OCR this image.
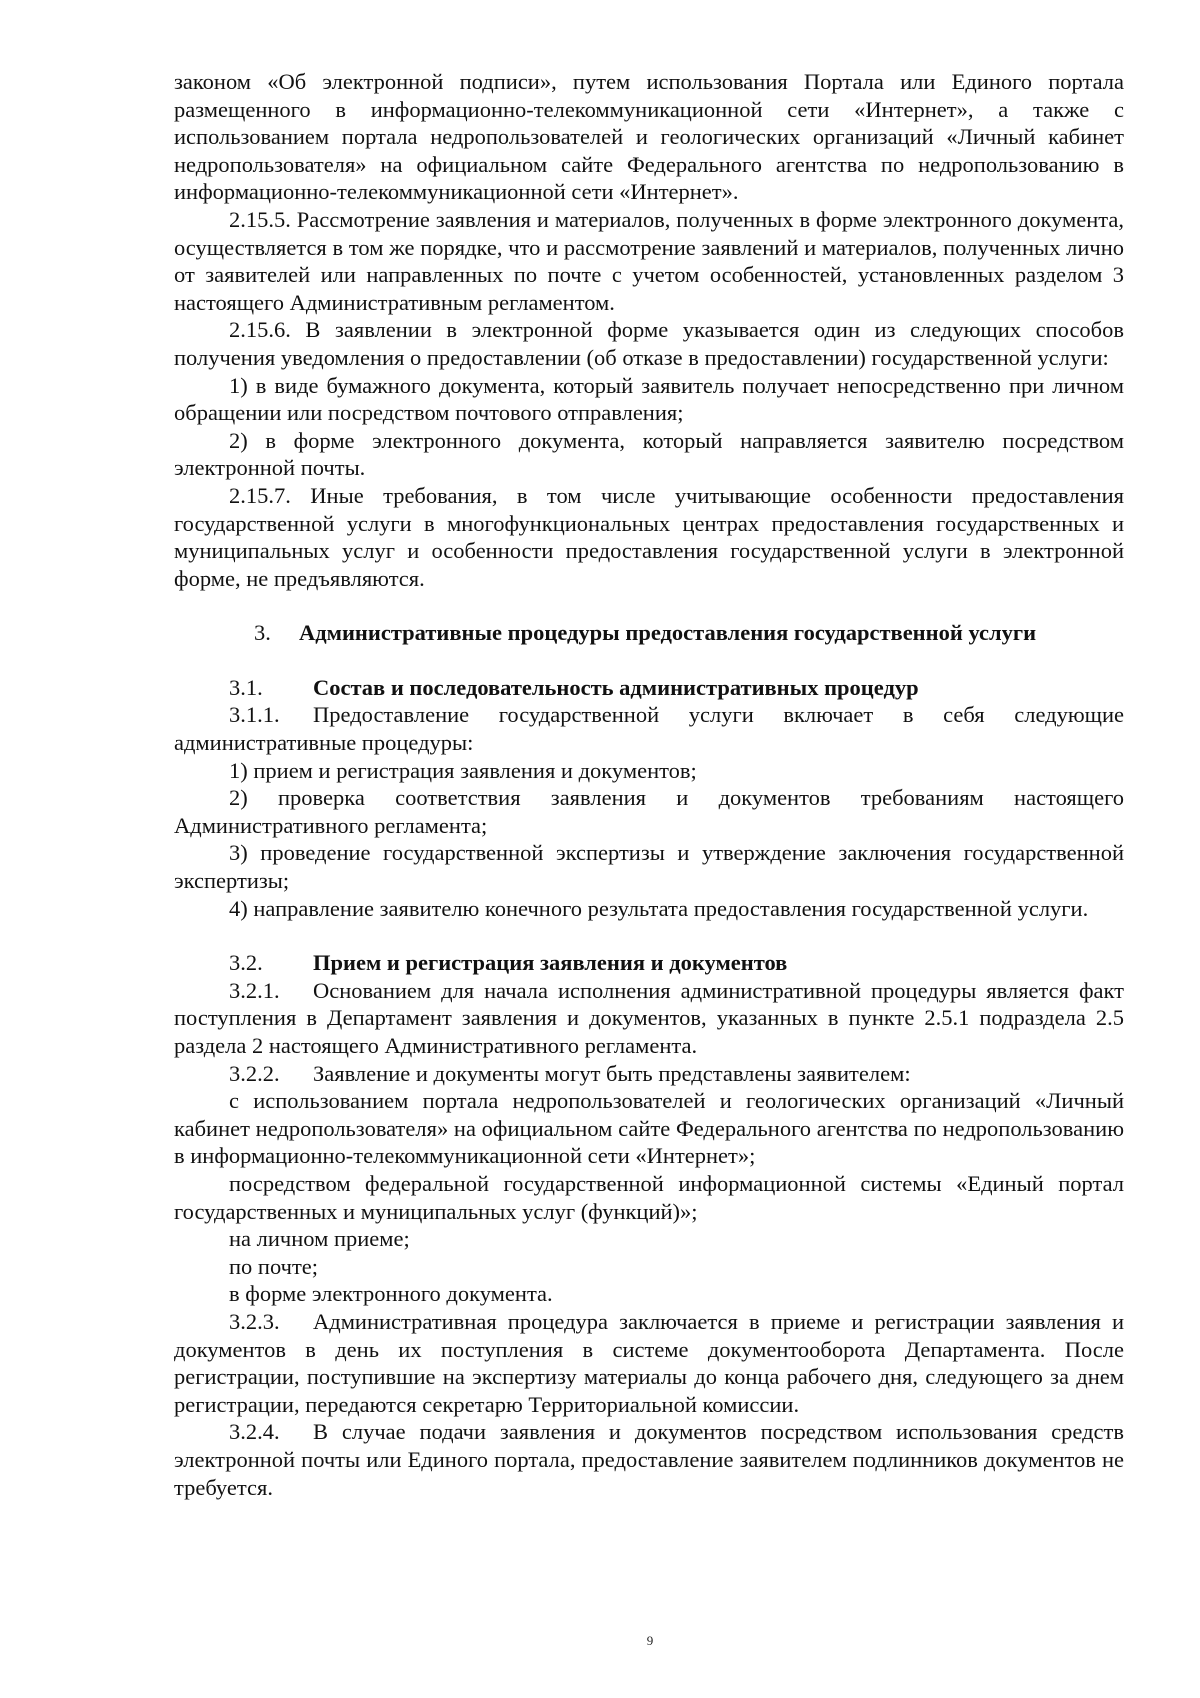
законом «Об электронной подписи», путем использования Портала или Единого портала размещенного в информационно-телекоммуникационной сети «Интернет», а также с использованием портала недропользователей и геологических организаций «Личный кабинет недропользователя» на официальном сайте Федерального агентства по недропользованию в информационно-телекоммуникационной сети «Интернет».

2.15.5. Рассмотрение заявления и материалов, полученных в форме электронного документа, осуществляется в том же порядке, что и рассмотрение заявлений и материалов, полученных лично от заявителей или направленных по почте с учетом особенностей, установленных разделом 3 настоящего Административным регламентом.

2.15.6. В заявлении в электронной форме указывается один из следующих способов получения уведомления о предоставлении (об отказе в предоставлении) государственной услуги:

1) в виде бумажного документа, который заявитель получает непосредственно при личном обращении или посредством почтового отправления;

2) в форме электронного документа, который направляется заявителю посредством электронной почты.

2.15.7. Иные требования, в том числе учитывающие особенности предоставления государственной услуги в многофункциональных центрах предоставления государственных и муниципальных услуг и особенности предоставления государственной услуги в электронной форме, не предъявляются.

3. Административные процедуры предоставления государственной услуги

3.1. Состав и последовательность административных процедур

3.1.1. Предоставление государственной услуги включает в себя следующие административные процедуры:

1) прием и регистрация заявления и документов;

2) проверка соответствия заявления и документов требованиям настоящего Административного регламента;

3) проведение государственной экспертизы и утверждение заключения государственной экспертизы;

4) направление заявителю конечного результата предоставления государственной услуги.

3.2. Прием и регистрация заявления и документов

3.2.1. Основанием для начала исполнения административной процедуры является факт поступления в Департамент заявления и документов, указанных в пункте 2.5.1 подраздела 2.5 раздела 2 настоящего Административного регламента.

3.2.2. Заявление и документы могут быть представлены заявителем:

с использованием портала недропользователей и геологических организаций «Личный кабинет недропользователя» на официальном сайте Федерального агентства по недропользованию в информационно-телекоммуникационной сети «Интернет»;

посредством федеральной государственной информационной системы «Единый портал государственных и муниципальных услуг (функций)»;

на личном приеме;

по почте;

в форме электронного документа.

3.2.3. Административная процедура заключается в приеме и регистрации заявления и документов в день их поступления в системе документооборота Департамента. После регистрации, поступившие на экспертизу материалы до конца рабочего дня, следующего за днем регистрации, передаются секретарю Территориальной комиссии.

3.2.4. В случае подачи заявления и документов посредством использования средств электронной почты или Единого портала, предоставление заявителем подлинников документов не требуется.

9
